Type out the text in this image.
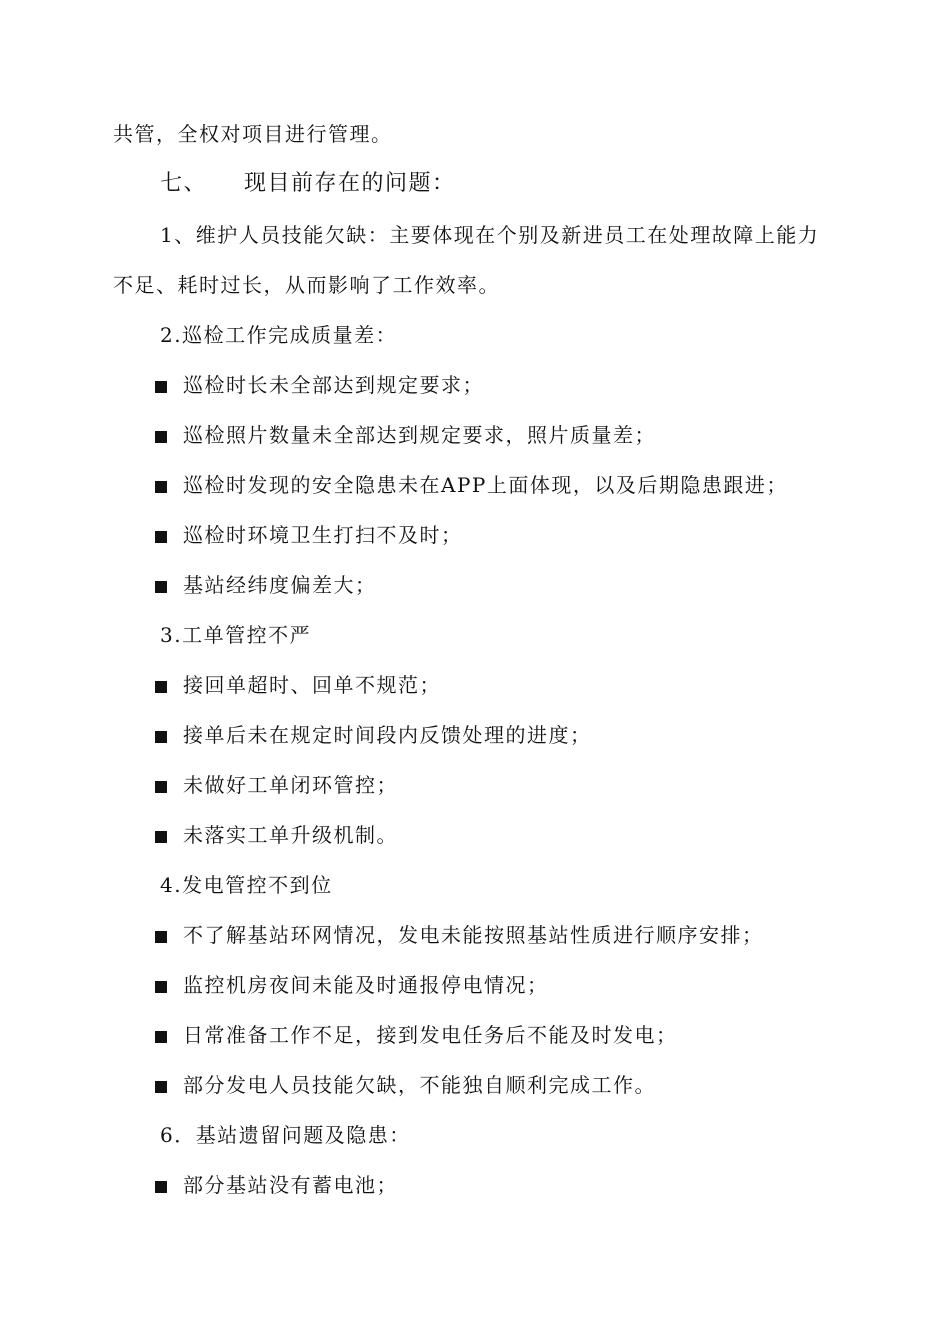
共管，全权对项目进行管理。
七、 现目前存在的问题：
1、维护人员技能欠缺：主要体现在个别及新进员工在处理故障上能力
不足、耗时过长，从而影响了工作效率。
2.巡检工作完成质量差：
巡检时长未全部达到规定要求；
巡检照片数量未全部达到规定要求，照片质量差；
巡检时发现的安全隐患未在APP上面体现，以及后期隐患跟进；
巡检时环境卫生打扫不及时；
基站经纬度偏差大；
3.工单管控不严
接回单超时、回单不规范；
接单后未在规定时间段内反馈处理的进度；
未做好工单闭环管控；
未落实工单升级机制。
4.发电管控不到位
不了解基站环网情况，发电未能按照基站性质进行顺序安排；
监控机房夜间未能及时通报停电情况；
日常准备工作不足，接到发电任务后不能及时发电；
部分发电人员技能欠缺，不能独自顺利完成工作。
6．基站遗留问题及隐患：
部分基站没有蓄电池；
